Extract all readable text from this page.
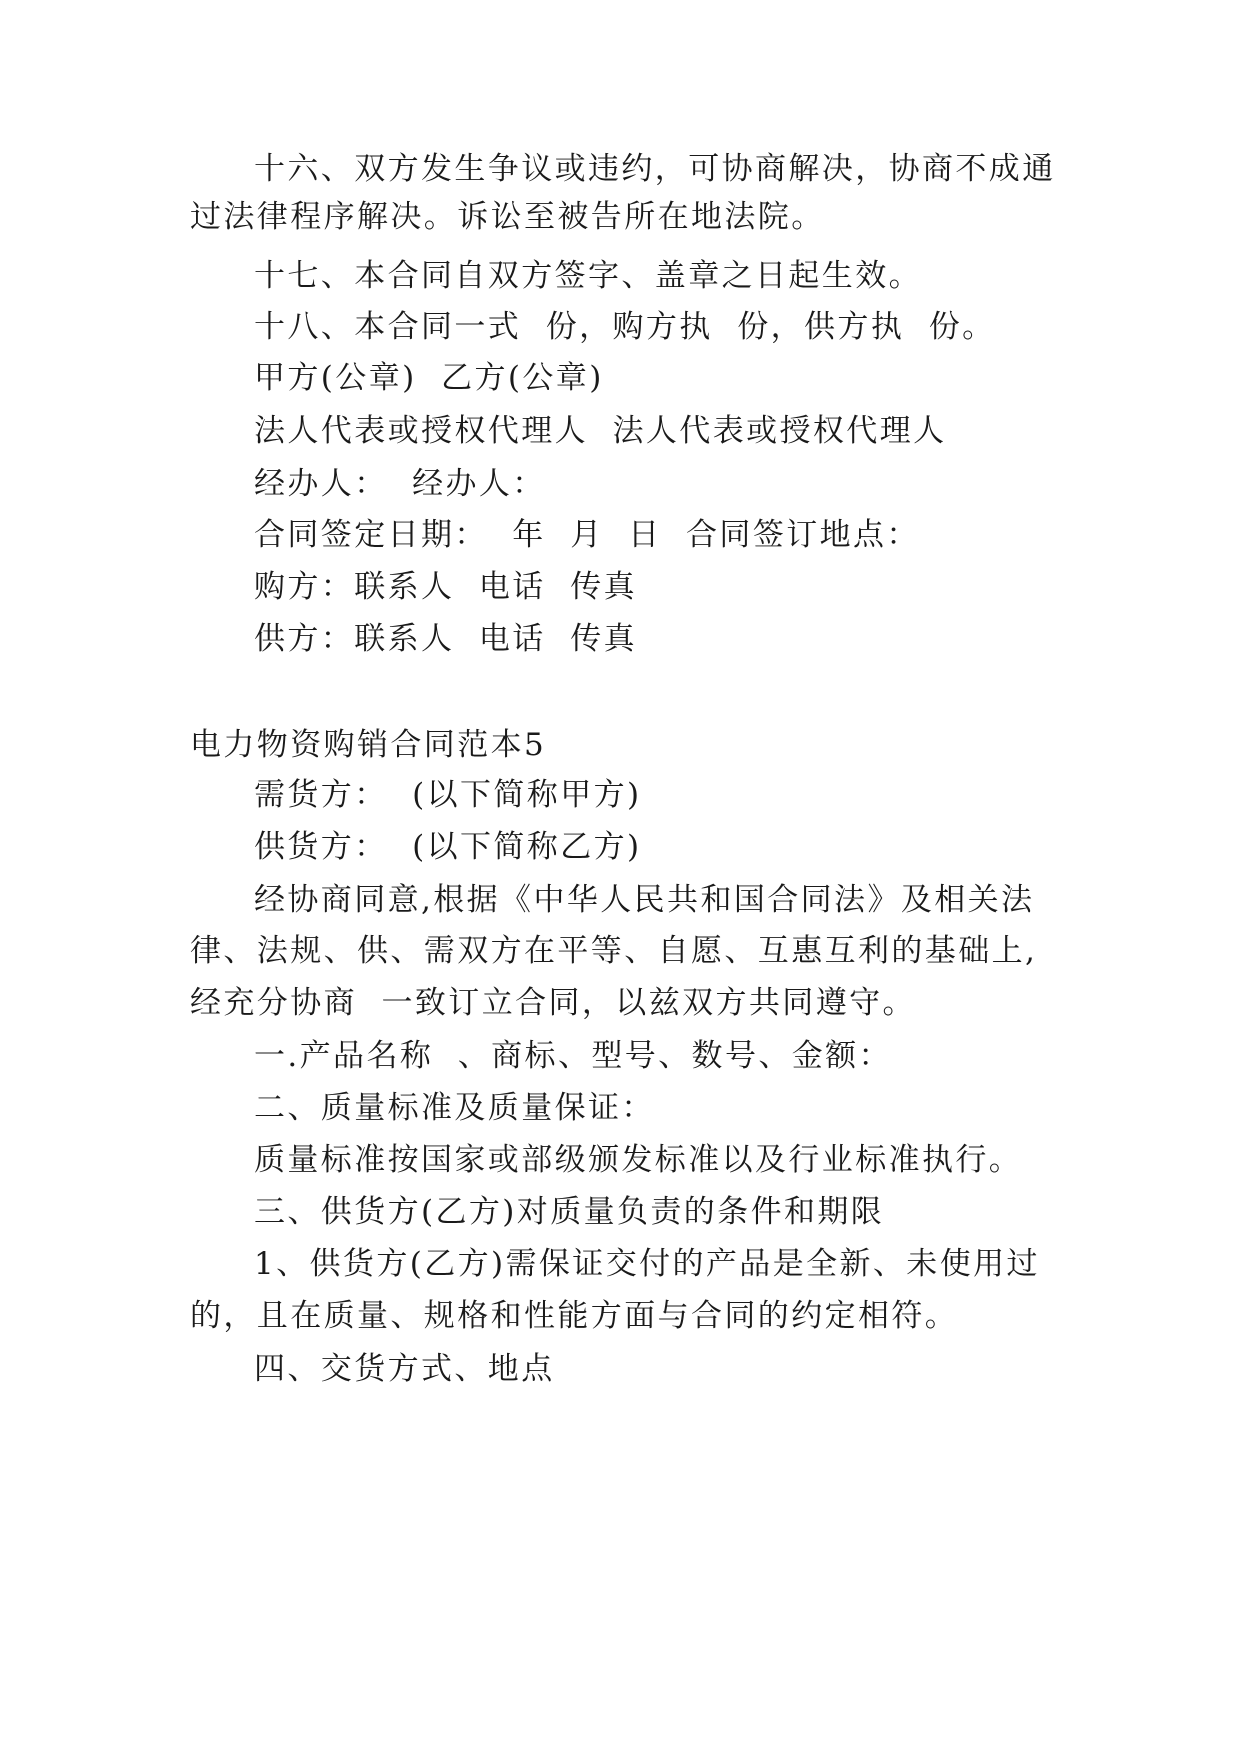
十六、双方发生争议或违约，可协商解决，协商不成通
过法律程序解决。诉讼至被告所在地法院。
十七、本合同自双方签字、盖章之日起生效。
十八、本合同一式  份，购方执  份，供方执  份。
甲方(公章)  乙方(公章)
法人代表或授权代理人  法人代表或授权代理人
经办人：  经办人：
合同签定日期：  年  月  日  合同签订地点：
购方：联系人  电话  传真
供方：联系人  电话  传真
电力物资购销合同范本5
需货方：  (以下简称甲方)
供货方：  (以下简称乙方)
经协商同意,根据《中华人民共和国合同法》及相关法
律、法规、供、需双方在平等、自愿、互惠互利的基础上,
经充分协商  一致订立合同，以兹双方共同遵守。
一.产品名称  、商标、型号、数号、金额：
二、质量标准及质量保证：
质量标准按国家或部级颁发标准以及行业标准执行。
三、供货方(乙方)对质量负责的条件和期限
1、供货方(乙方)需保证交付的产品是全新、未使用过
的，且在质量、规格和性能方面与合同的约定相符。
四、交货方式、地点
